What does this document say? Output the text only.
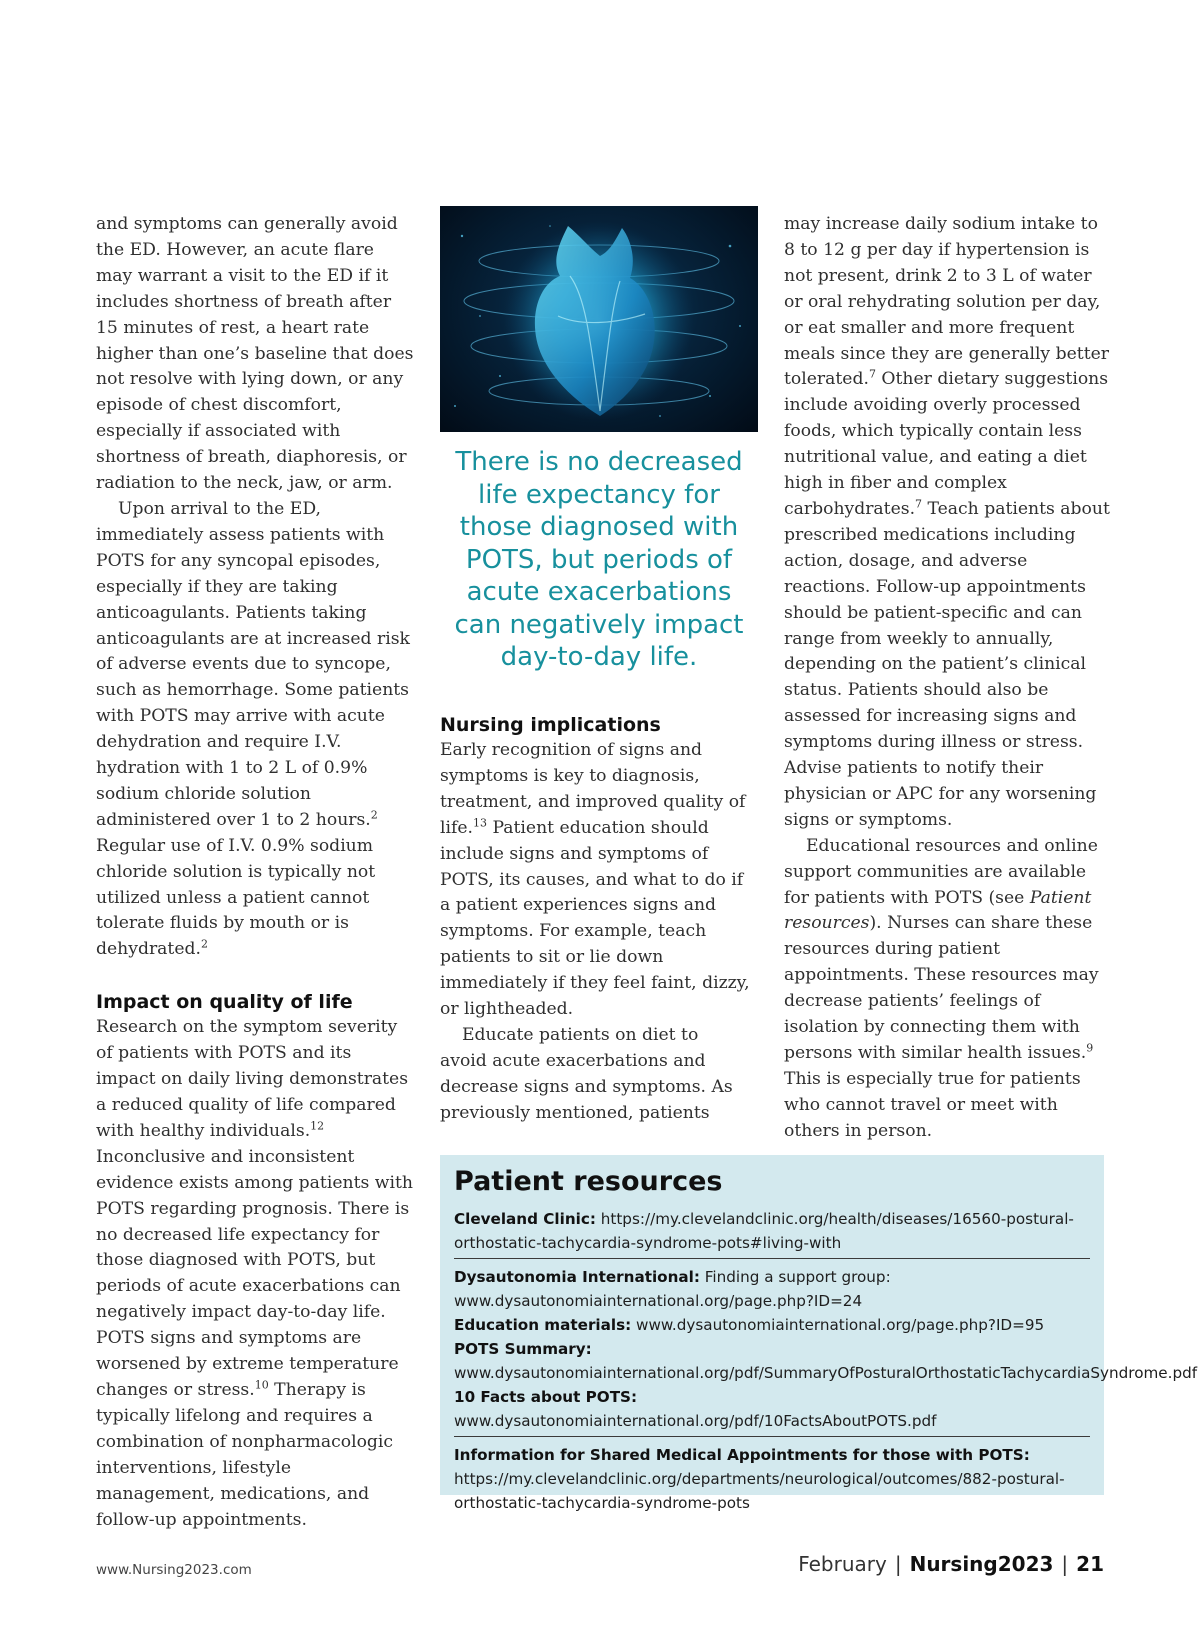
and symptoms can generally avoid the ED. However, an acute flare may warrant a visit to the ED if it includes shortness of breath after 15 minutes of rest, a heart rate higher than one’s baseline that does not resolve with lying down, or any episode of chest discomfort, especially if associated with shortness of breath, diaphoresis, or radiation to the neck, jaw, or arm.

Upon arrival to the ED, immediately assess patients with POTS for any syncopal episodes, especially if they are taking anticoagulants. Patients taking anticoagulants are at increased risk of adverse events due to syncope, such as hemorrhage. Some patients with POTS may arrive with acute dehydration and require I.V. hydration with 1 to 2 L of 0.9% sodium chloride solution administered over 1 to 2 hours.$^2$ Regular use of I.V. 0.9% sodium chloride solution is typically not utilized unless a patient cannot tolerate fluids by mouth or is dehydrated.$^2$

Impact on quality of life

Research on the symptom severity of patients with POTS and its impact on daily living demonstrates a reduced quality of life compared with healthy individuals.$^{12}$ Inconclusive and inconsistent evidence exists among patients with POTS regarding prognosis. There is no decreased life expectancy for those diagnosed with POTS, but periods of acute exacerbations can negatively impact day-to-day life. POTS signs and symptoms are worsened by extreme temperature changes or stress.$^{10}$ Therapy is typically lifelong and requires a combination of nonpharmacologic interventions, lifestyle management, medications, and follow-up appointments.

There is no decreased life expectancy for those diagnosed with POTS, but periods of acute exacerbations can negatively impact day-to-day life.
Nursing implications

Early recognition of signs and symptoms is key to diagnosis, treatment, and improved quality of life.$^{13}$ Patient education should include signs and symptoms of POTS, its causes, and what to do if a patient experiences signs and symptoms. For example, teach patients to sit or lie down immediately if they feel faint, dizzy, or lightheaded.

Educate patients on diet to avoid acute exacerbations and decrease signs and symptoms. As previously mentioned, patients

may increase daily sodium intake to 8 to 12 g per day if hypertension is not present, drink 2 to 3 L of water or oral rehydrating solution per day, or eat smaller and more frequent meals since they are generally better tolerated.$^7$ Other dietary suggestions include avoiding overly processed foods, which typically contain less nutritional value, and eating a diet high in fiber and complex carbohydrates.$^7$ Teach patients about prescribed medications including action, dosage, and adverse reactions. Follow-up appointments should be patient-specific and can range from weekly to annually, depending on the patient’s clinical status. Patients should also be assessed for increasing signs and symptoms during illness or stress. Advise patients to notify their physician or APC for any worsening signs or symptoms.

Educational resources and online support communities are available for patients with POTS (see Patient resources). Nurses can share these resources during patient appointments. These resources may decrease patients’ feelings of isolation by connecting them with persons with similar health issues.$^9$ This is especially true for patients who cannot travel or meet with others in person.

Patient resources
Cleveland Clinic: https://my.clevelandclinic.org/health/diseases/16560-postural-orthostatic-tachycardia-syndrome-pots#living-with
Dysautonomia International: Finding a support group: www.dysautonomiainternational.org/page.php?ID=24
Education materials: www.dysautonomiainternational.org/page.php?ID=95
POTS Summary: www.dysautonomiainternational.org/pdf/SummaryOfPosturalOrthostaticTachycardiaSyndrome.pdf
10 Facts about POTS: www.dysautonomiainternational.org/pdf/10FactsAboutPOTS.pdf
Information for Shared Medical Appointments for those with POTS:
https://my.clevelandclinic.org/departments/neurological/outcomes/882-postural-orthostatic-tachycardia-syndrome-pots
www.Nursing2023.com	February | Nursing2023 | 21
